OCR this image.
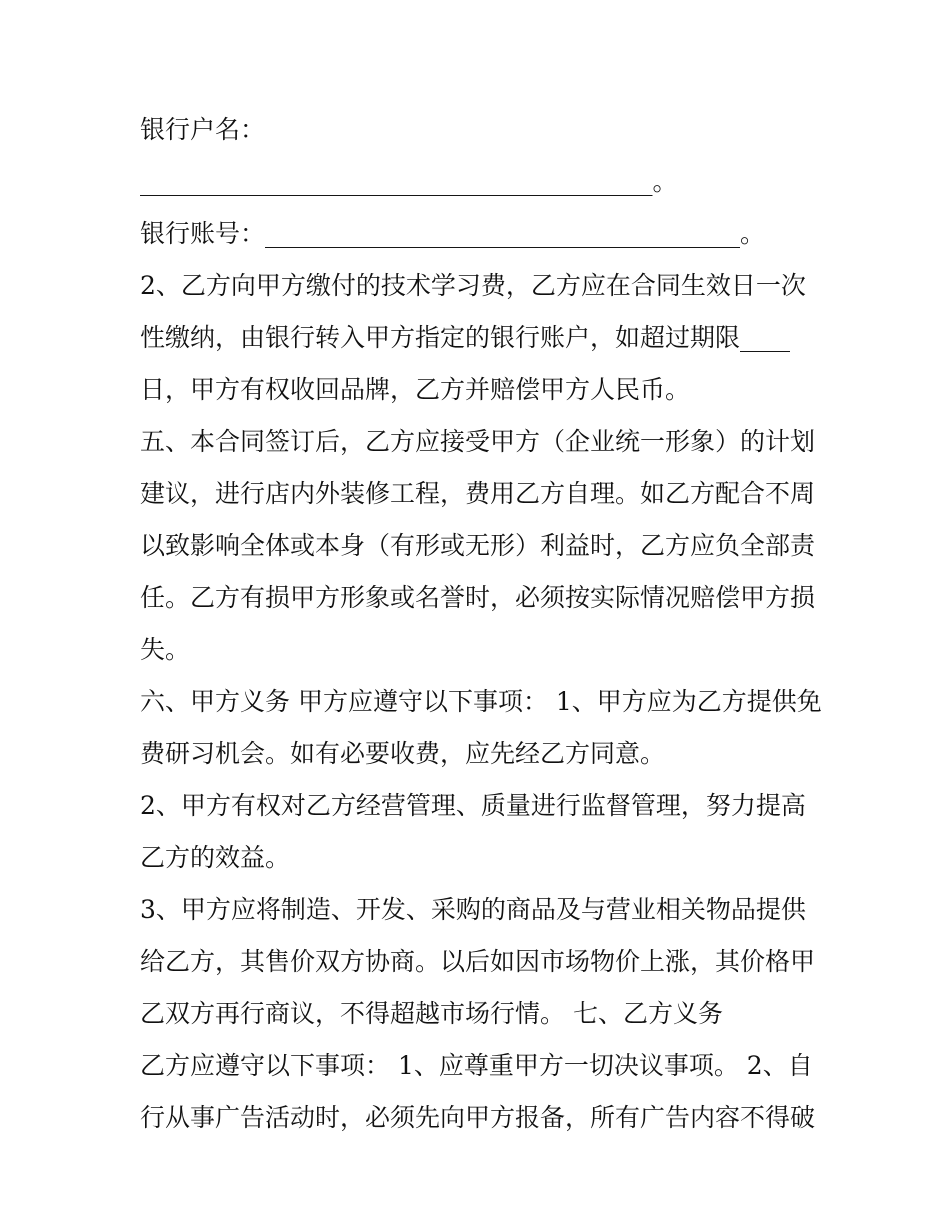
银行户名：
_________________________________________。
银行账号：______________________________________。
2、乙方向甲方缴付的技术学习费，乙方应在合同生效日一次
性缴纳，由银行转入甲方指定的银行账户，如超过期限____
日，甲方有权收回品牌，乙方并赔偿甲方人民币。
五、本合同签订后，乙方应接受甲方（企业统一形象）的计划
建议，进行店内外装修工程，费用乙方自理。如乙方配合不周
以致影响全体或本身（有形或无形）利益时，乙方应负全部责
任。乙方有损甲方形象或名誉时，必须按实际情况赔偿甲方损
失。
六、甲方义务 甲方应遵守以下事项： 1、甲方应为乙方提供免
费研习机会。如有必要收费，应先经乙方同意。
2、甲方有权对乙方经营管理、质量进行监督管理，努力提高
乙方的效益。
3、甲方应将制造、开发、采购的商品及与营业相关物品提供
给乙方，其售价双方协商。以后如因市场物价上涨，其价格甲
乙双方再行商议，不得超越市场行情。 七、乙方义务
乙方应遵守以下事项： 1、应尊重甲方一切决议事项。 2、自
行从事广告活动时，必须先向甲方报备，所有广告内容不得破
